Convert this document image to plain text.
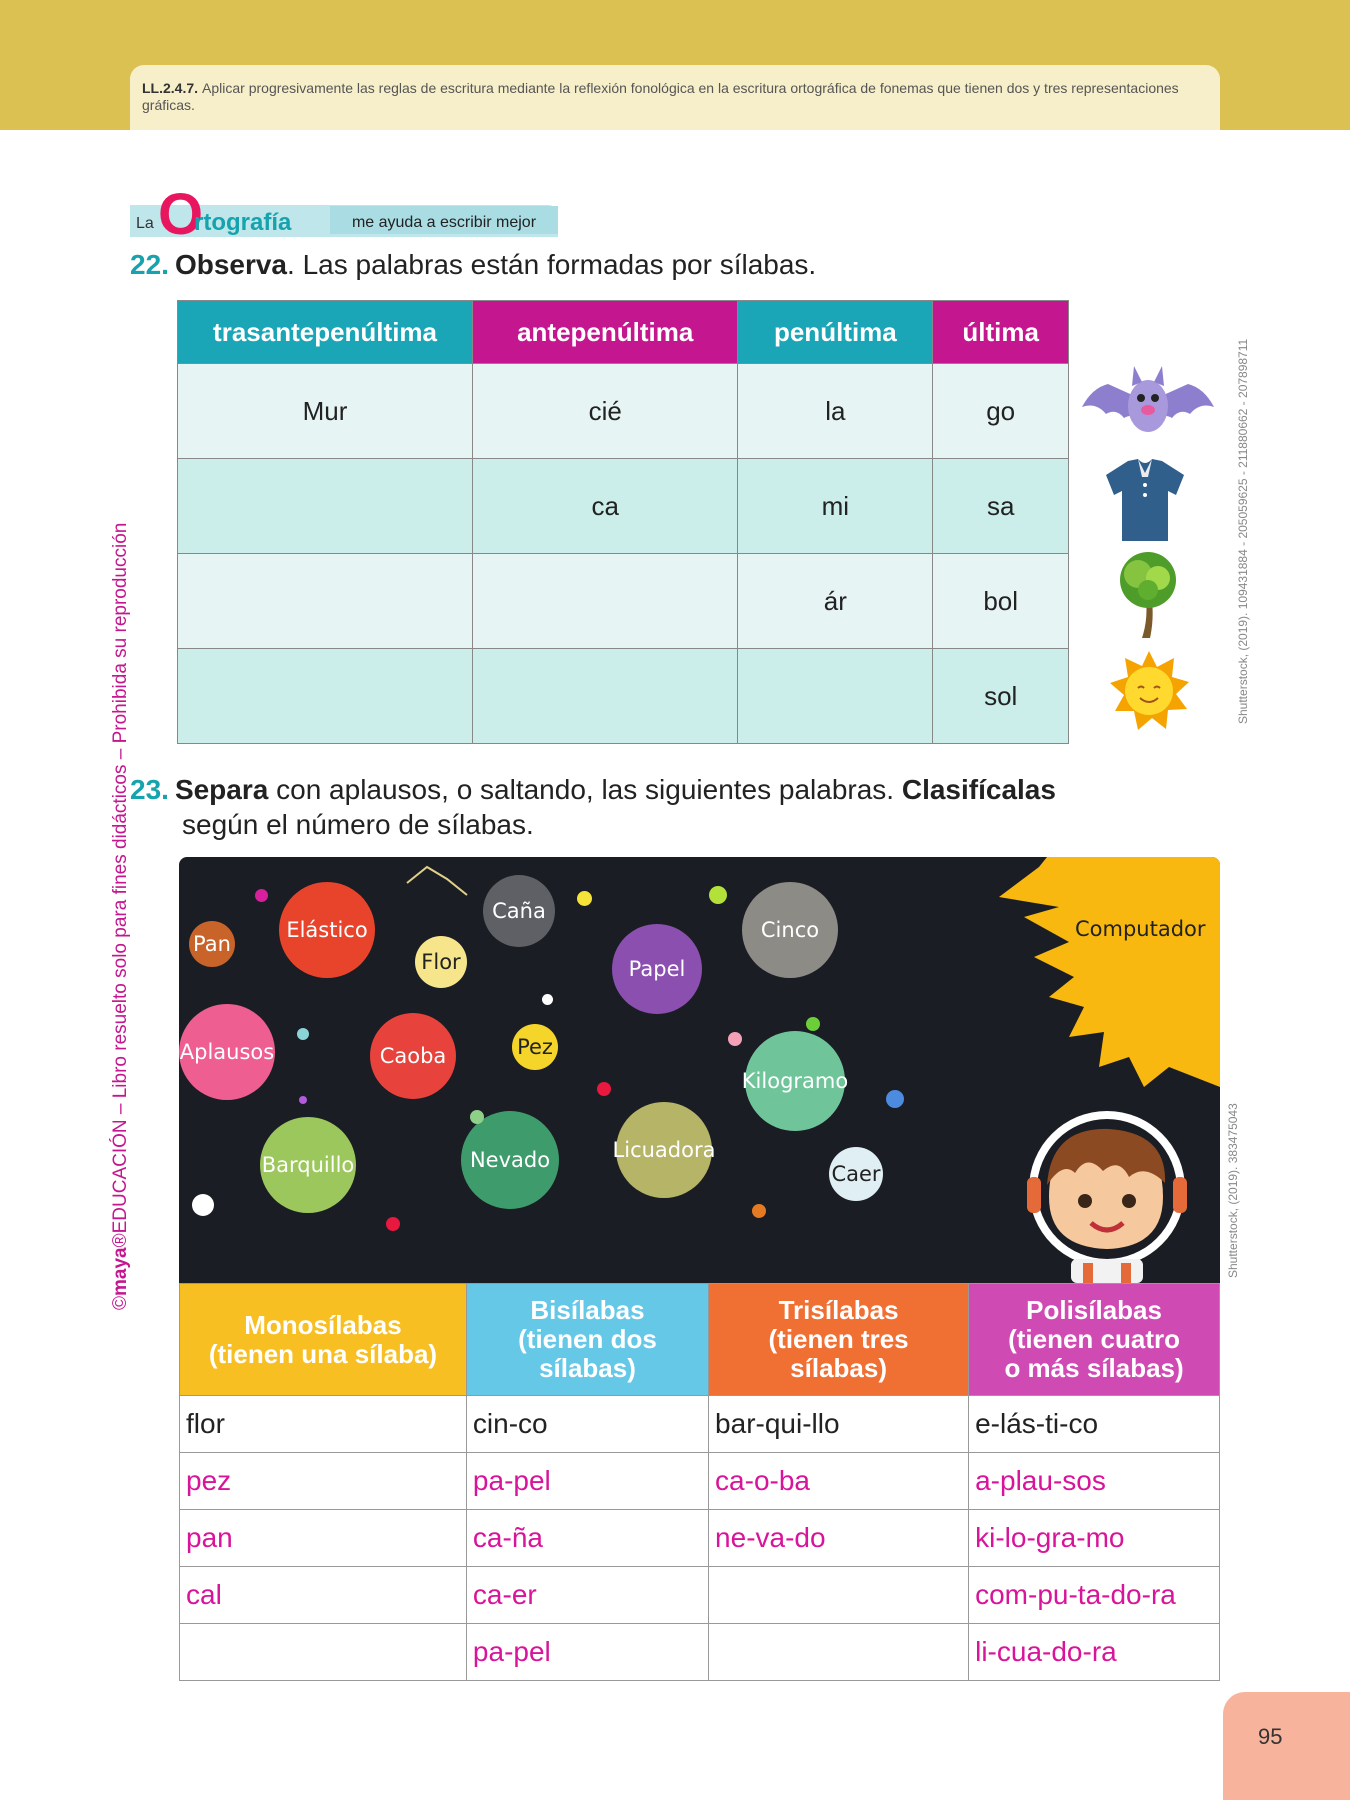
LL.2.4.7. Aplicar progresivamente las reglas de escritura mediante la reflexión fonológica en la escritura ortográfica de fonemas que tienen dos y tres representaciones gráficas.
©maya®EDUCACIÓN – Libro resuelto solo para fines didácticos – Prohibida su reproducción
La O
rtografía	me ayuda a escribir mejor
22. Observa. Las palabras están formadas por sílabas.
trasantepenúltima	antepenúltima	penúltima	última
Mur	cié	la	go
	ca	mi	sa
		ár	bol
			sol	Shutterstock, (2019). 109431884 - 205059625 - 211880662 - 207898711
23. Separa con aplausos, o saltando, las siguientes palabras. Clasifícalas
según el número de sílabas.
Computador
Pan
Elástico
Caña
Flor	Papel
Cinco
Aplausos	Caoba	Pez
Kilogramo
Barquillo	Nevado	Licuadora
Caer	Shutterstock, (2019). 383475043
Monosílabas
(tienen una sílaba)	Bisílabas
(tienen dos
sílabas)	Trisílabas
(tienen tres
sílabas)	Polisílabas
(tienen cuatro
o más sílabas)
flor	cin-co	bar-qui-llo	e-lás-ti-co
pez	pa-pel	ca-o-ba	a-plau-sos
pan	ca-ña	ne-va-do	ki-lo-gra-mo
cal	ca-er		com-pu-ta-do-ra
	pa-pel		li-cua-do-ra
95
